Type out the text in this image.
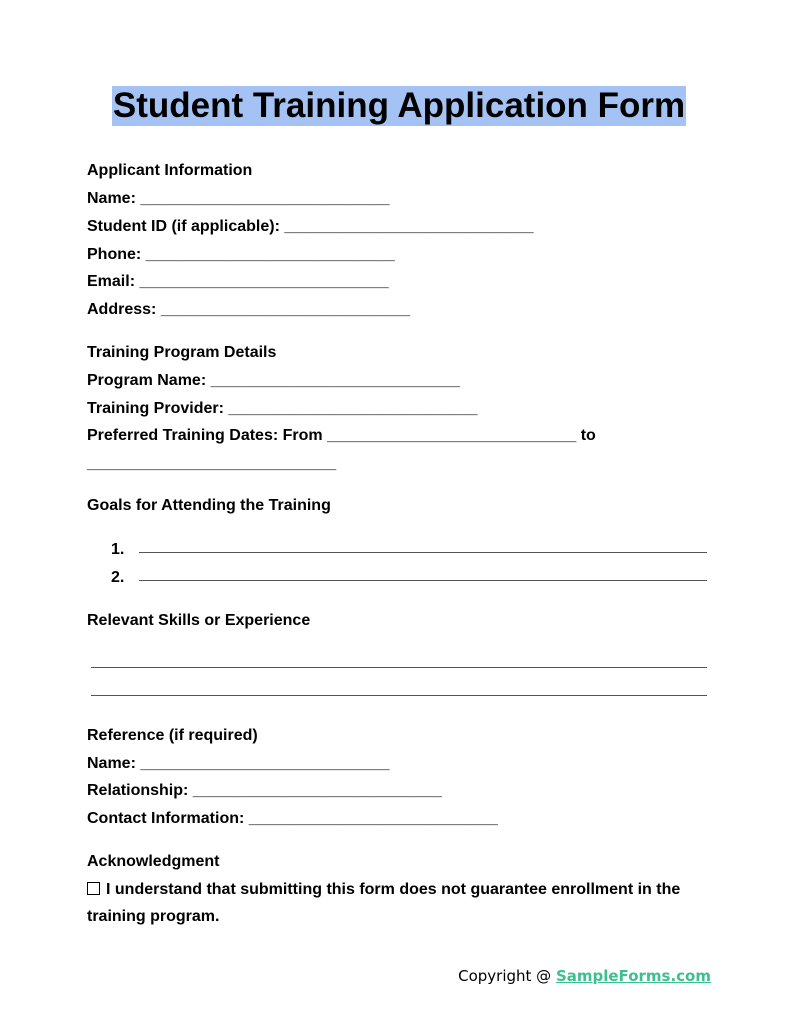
Student Training Application Form
Applicant Information
Name: ____________________________
Student ID (if applicable): ____________________________
Phone: ____________________________
Email: ____________________________
Address: ____________________________
Training Program Details
Program Name: ____________________________
Training Provider: ____________________________
Preferred Training Dates: From ____________________________ to
____________________________
Goals for Attending the Training
1.
2.
Relevant Skills or Experience
Reference (if required)
Name: ____________________________
Relationship: ____________________________
Contact Information: ____________________________
Acknowledgment
I understand that submitting this form does not guarantee enrollment in the
training program.
Copyright @ SampleForms.com
